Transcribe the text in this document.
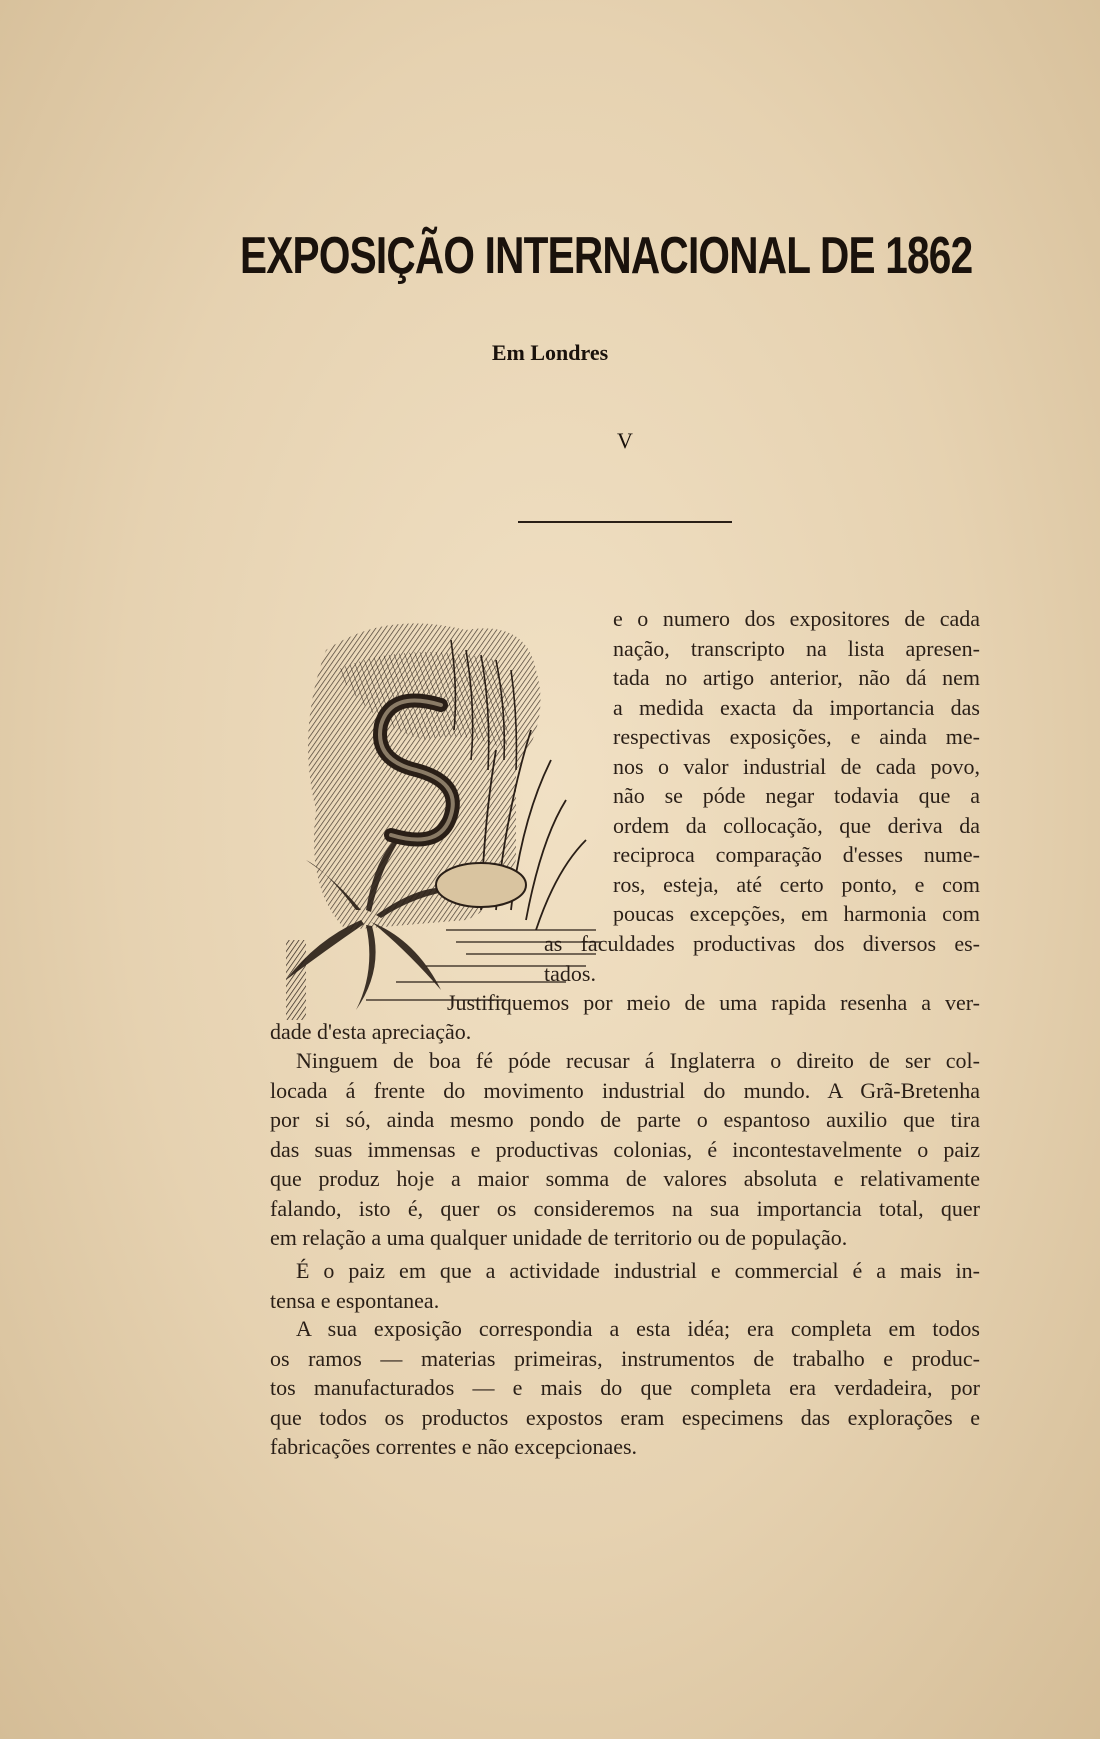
EXPOSIÇÃO INTERNACIONAL DE 1862
Em Londres
V
S	e o numero dos expositores de cada
nação, transcripto na lista apresen-
tada no artigo anterior, não dá nem
a medida exacta da importancia das
respectivas exposições, e ainda me-
nos o valor industrial de cada povo,
não se póde negar todavia que a
ordem da collocação, que deriva da
reciproca comparação d'esses nume-
ros, esteja, até certo ponto, e com
poucas excepções, em harmonia com
as faculdades productivas dos diversos es-
tados.
Justifiquemos por meio de uma rapida resenha a ver-
dade d'esta apreciação.
Ninguem de boa fé póde recusar á Inglaterra o direito de ser col-
locada á frente do movimento industrial do mundo. A Grã-Bretenha
por si só, ainda mesmo pondo de parte o espantoso auxilio que tira
das suas immensas e productivas colonias, é incontestavelmente o paiz
que produz hoje a maior somma de valores absoluta e relativamente
falando, isto é, quer os consideremos na sua importancia total, quer
em relação a uma qualquer unidade de territorio ou de população.
É o paiz em que a actividade industrial e commercial é a mais in-
tensa e espontanea.
A sua exposição correspondia a esta idéa; era completa em todos
os ramos — materias primeiras, instrumentos de trabalho e produc-
tos manufacturados — e mais do que completa era verdadeira, por
que todos os productos expostos eram especimens das explorações e
fabricações correntes e não excepcionaes.
